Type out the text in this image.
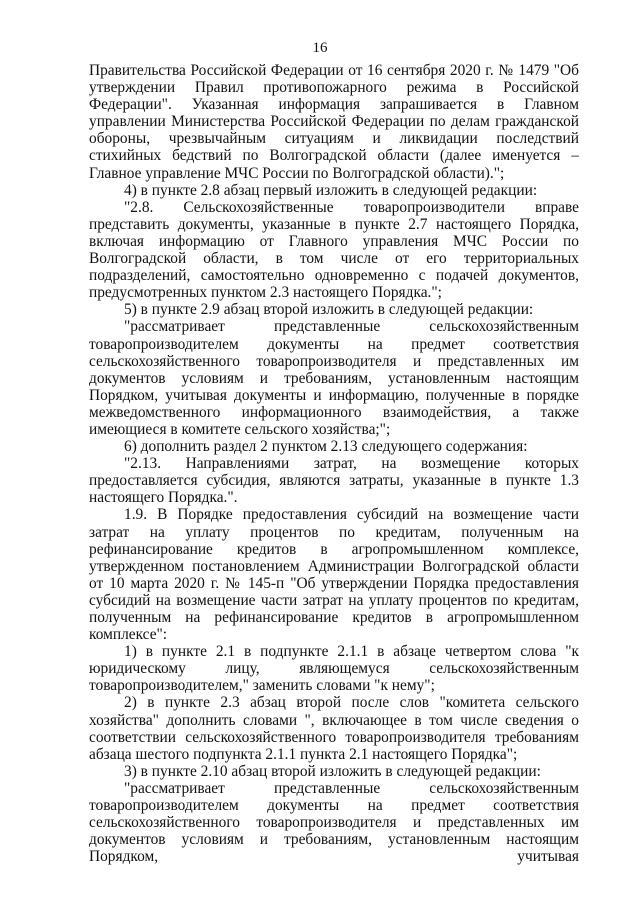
16

Правительства Российской Федерации от 16 сентября 2020 г. № 1479 "Об утверждении Правил противопожарного режима в Российской Федерации". Указанная информация запрашивается в Главном управлении Министерства Российской Федерации по делам гражданской обороны, чрезвычайным ситуациям и ликвидации последствий стихийных бедствий по Волгоградской области (далее именуется – Главное управление МЧС России по Волгоградской области).";

4) в пункте 2.8 абзац первый изложить в следующей редакции:

"2.8. Сельскохозяйственные товаропроизводители вправе представить документы, указанные в пункте 2.7 настоящего Порядка, включая информацию от Главного управления МЧС России по Волгоградской области, в том числе от его территориальных подразделений, самостоятельно одновременно с подачей документов, предусмотренных пунктом 2.3 настоящего Порядка.";

5) в пункте 2.9 абзац второй изложить в следующей редакции:

"рассматривает представленные сельскохозяйственным товаропроизводителем документы на предмет соответствия сельскохозяйственного товаропроизводителя и представленных им документов условиям и требованиям, установленным настоящим Порядком, учитывая документы и информацию, полученные в порядке межведомственного информационного взаимодействия, а также имеющиеся в комитете сельского хозяйства;";

6) дополнить раздел 2 пунктом 2.13 следующего содержания:

"2.13. Направлениями затрат, на возмещение которых предоставляется субсидия, являются затраты, указанные в пункте 1.3 настоящего Порядка.".

1.9. В Порядке предоставления субсидий на возмещение части затрат на уплату процентов по кредитам, полученным на рефинансирование кредитов в агропромышленном комплексе, утвержденном постановлением Администрации Волгоградской области от 10 марта 2020 г. № 145-п "Об утверждении Порядка предоставления субсидий на возмещение части затрат на уплату процентов по кредитам, полученным на рефинансирование кредитов в агропромышленном комплексе":

1) в пункте 2.1 в подпункте 2.1.1 в абзаце четвертом слова "к юридическому лицу, являющемуся сельскохозяйственным товаропроизводителем," заменить словами "к нему";

2) в пункте 2.3 абзац второй после слов "комитета сельского хозяйства" дополнить словами ", включающее в том числе сведения о соответствии сельскохозяйственного товаропроизводителя требованиям абзаца шестого подпункта 2.1.1 пункта 2.1 настоящего Порядка";

3) в пункте 2.10 абзац второй изложить в следующей редакции:

"рассматривает представленные сельскохозяйственным товаропроизводителем документы на предмет соответствия сельскохозяйственного товаропроизводителя и представленных им документов условиям и требованиям, установленным настоящим Порядком, учитывая
